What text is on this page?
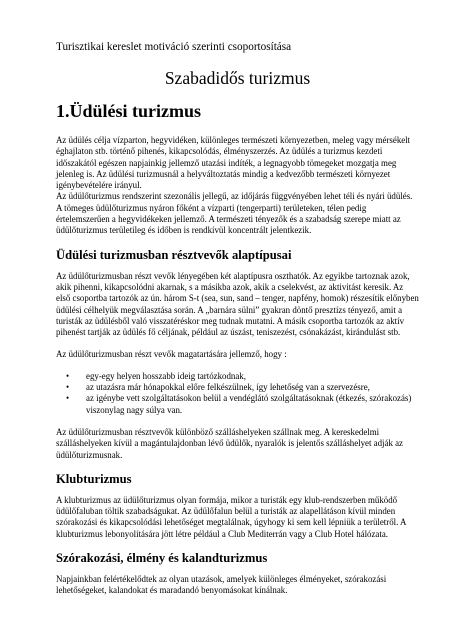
Turisztikai kereslet motiváció szerinti csoportosítása

Szabadidős turizmus
1.Üdülési turizmus

Az üdülés célja vízparton, hegyvidéken, különleges természeti környezetben, meleg vagy mérsékelt éghajlaton stb. történő pihenés, kikapcsolódás, élményszerzés. Az üdülés a turizmus kezdeti időszakától egészen napjainkig jellemző utazási indíték, a legnagyobb tömegeket mozgatja meg jelenleg is. Az üdülési turizmusnál a helyváltoztatás mindig a kedvezőbb természeti környezet igénybevételére irányul.
Az üdülőturizmus rendszerint szezonális jellegű, az időjárás függvényében lehet téli és nyári üdülés. A tömeges üdülőturizmus nyáron főként a vízparti (tengerparti) területeken, télen pedig értelemszerűen a hegyvidékeken jellemző. A természeti tényezők és a szabadság szerepe miatt az üdülőturizmus területileg és időben is rendkívül koncentrált jelentkezik.

Üdülési turizmusban résztvevők alaptípusai

Az üdülőturizmusban részt vevők lényegében két alaptípusra oszthatók. Az egyikbe tartoznak azok, akik pihenni, kikapcsolódni akarnak, s a másikba azok, akik a cselekvést, az aktivitást keresik. Az első csoportba tartozók az ún. három S-t (sea, sun, sand – tenger, napfény, homok) részesítik előnyben üdülési célhelyük megválasztása során. A „barnára sülni” gyakran döntő presztízs tényező, amit a turisták az üdülésből való visszatéréskor meg tudnak mutatni. A másik csoportba tartozók az aktív pihenést tartják az üdülés fő céljának, például az úszást, teniszezést, csónakázást, kirándulást stb.

Az üdülőturizmusban részt vevők magatartására jellemző, hogy :

• egy-egy helyen hosszabb ideig tartózkodnak,
• az utazásra már hónapokkal előre felkészülnek, így lehetőség van a szervezésre,
• az igénybe vett szolgáltatásokon belül a vendéglátó szolgáltatásoknak (étkezés, szórakozás) viszonylag nagy súlya van.

Az üdülőturizmusban résztvevők különböző szálláshelyeken szállnak meg. A kereskedelmi szálláshelyeken kívül a magántulajdonban lévő üdülők, nyaralók is jelentős szálláshelyet adják az üdülőturizmusnak.

Klubturizmus

A klubturizmus az üdülőturizmus olyan formája, mikor a turisták egy klub-rendszerben működő üdülőfaluban töltik szabadságukat. Az üdülőfalun belül a turisták az alapellátáson kívül minden szórakozási és kikapcsolódási lehetőséget megtalálnak, úgyhogy ki sem kell lépniük a területről. A klubturizmus lebonyolítására jött létre például a Club Mediterrán vagy a Club Hotel hálózata.

Szórakozási, élmény és kalandturizmus

Napjainkban felértékelődtek az olyan utazások, amelyek különleges élményeket, szórakozási lehetőségeket, kalandokat és maradandó benyomásokat kínálnak.
